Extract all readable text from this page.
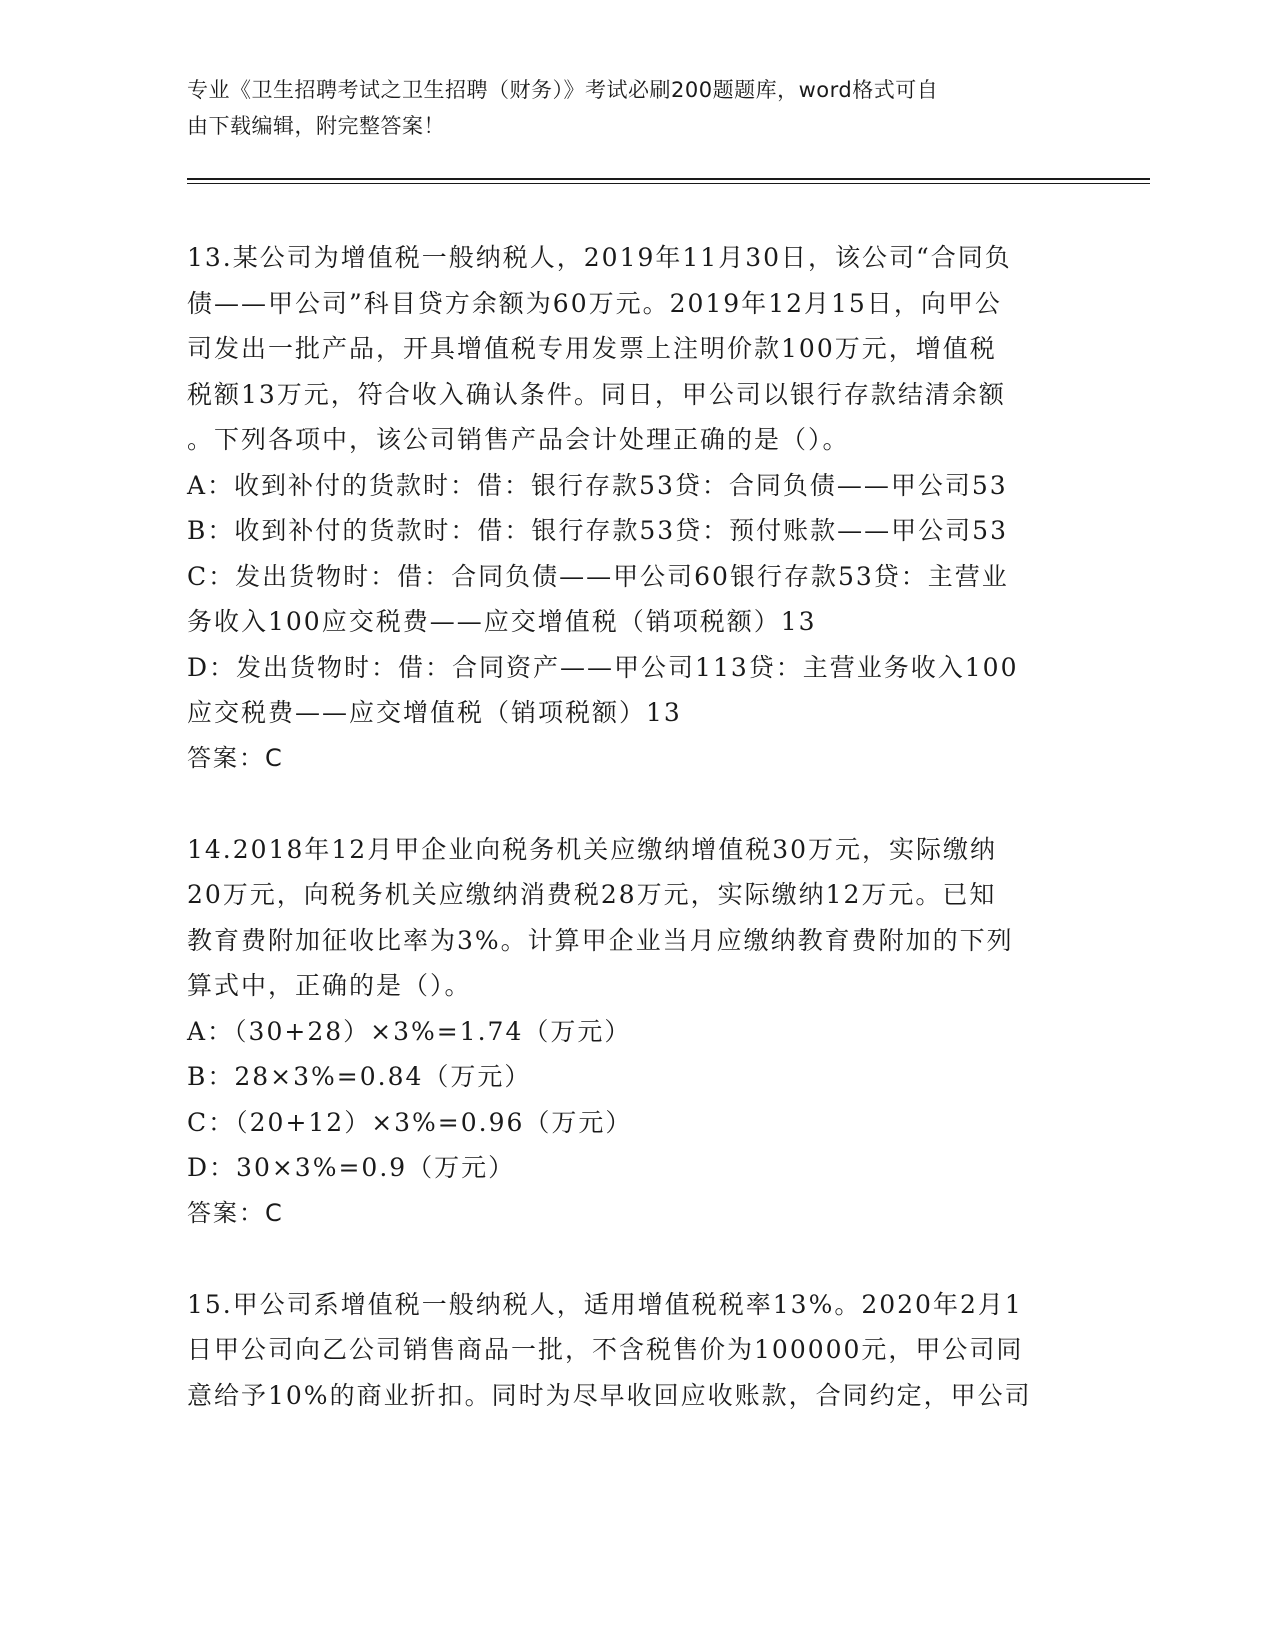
专业《卫生招聘考试之卫生招聘（财务）》考试必刷200题题库，word格式可自
由下载编辑，附完整答案！
13.某公司为增值税一般纳税人，2019年11月30日，该公司“合同负
债——甲公司”科目贷方余额为60万元。2019年12月15日，向甲公
司发出一批产品，开具增值税专用发票上注明价款100万元，增值税
税额13万元，符合收入确认条件。同日，甲公司以银行存款结清余额
。下列各项中，该公司销售产品会计处理正确的是（）。
A：收到补付的货款时：借：银行存款53贷：合同负债——甲公司53
B：收到补付的货款时：借：银行存款53贷：预付账款——甲公司53
C：发出货物时：借：合同负债——甲公司60银行存款53贷：主营业
务收入100应交税费——应交增值税（销项税额）13
D：发出货物时：借：合同资产——甲公司113贷：主营业务收入100
应交税费——应交增值税（销项税额）13
答案：C
14.2018年12月甲企业向税务机关应缴纳增值税30万元，实际缴纳
20万元，向税务机关应缴纳消费税28万元，实际缴纳12万元。已知
教育费附加征收比率为3%。计算甲企业当月应缴纳教育费附加的下列
算式中，正确的是（）。
A：（30+28）×3%=1.74（万元）
B：28×3%=0.84（万元）
C：（20+12）×3%=0.96（万元）
D：30×3%=0.9（万元）
答案：C
15.甲公司系增值税一般纳税人，适用增值税税率13%。2020年2月1
日甲公司向乙公司销售商品一批，不含税售价为100000元，甲公司同
意给予10%的商业折扣。同时为尽早收回应收账款，合同约定，甲公司
